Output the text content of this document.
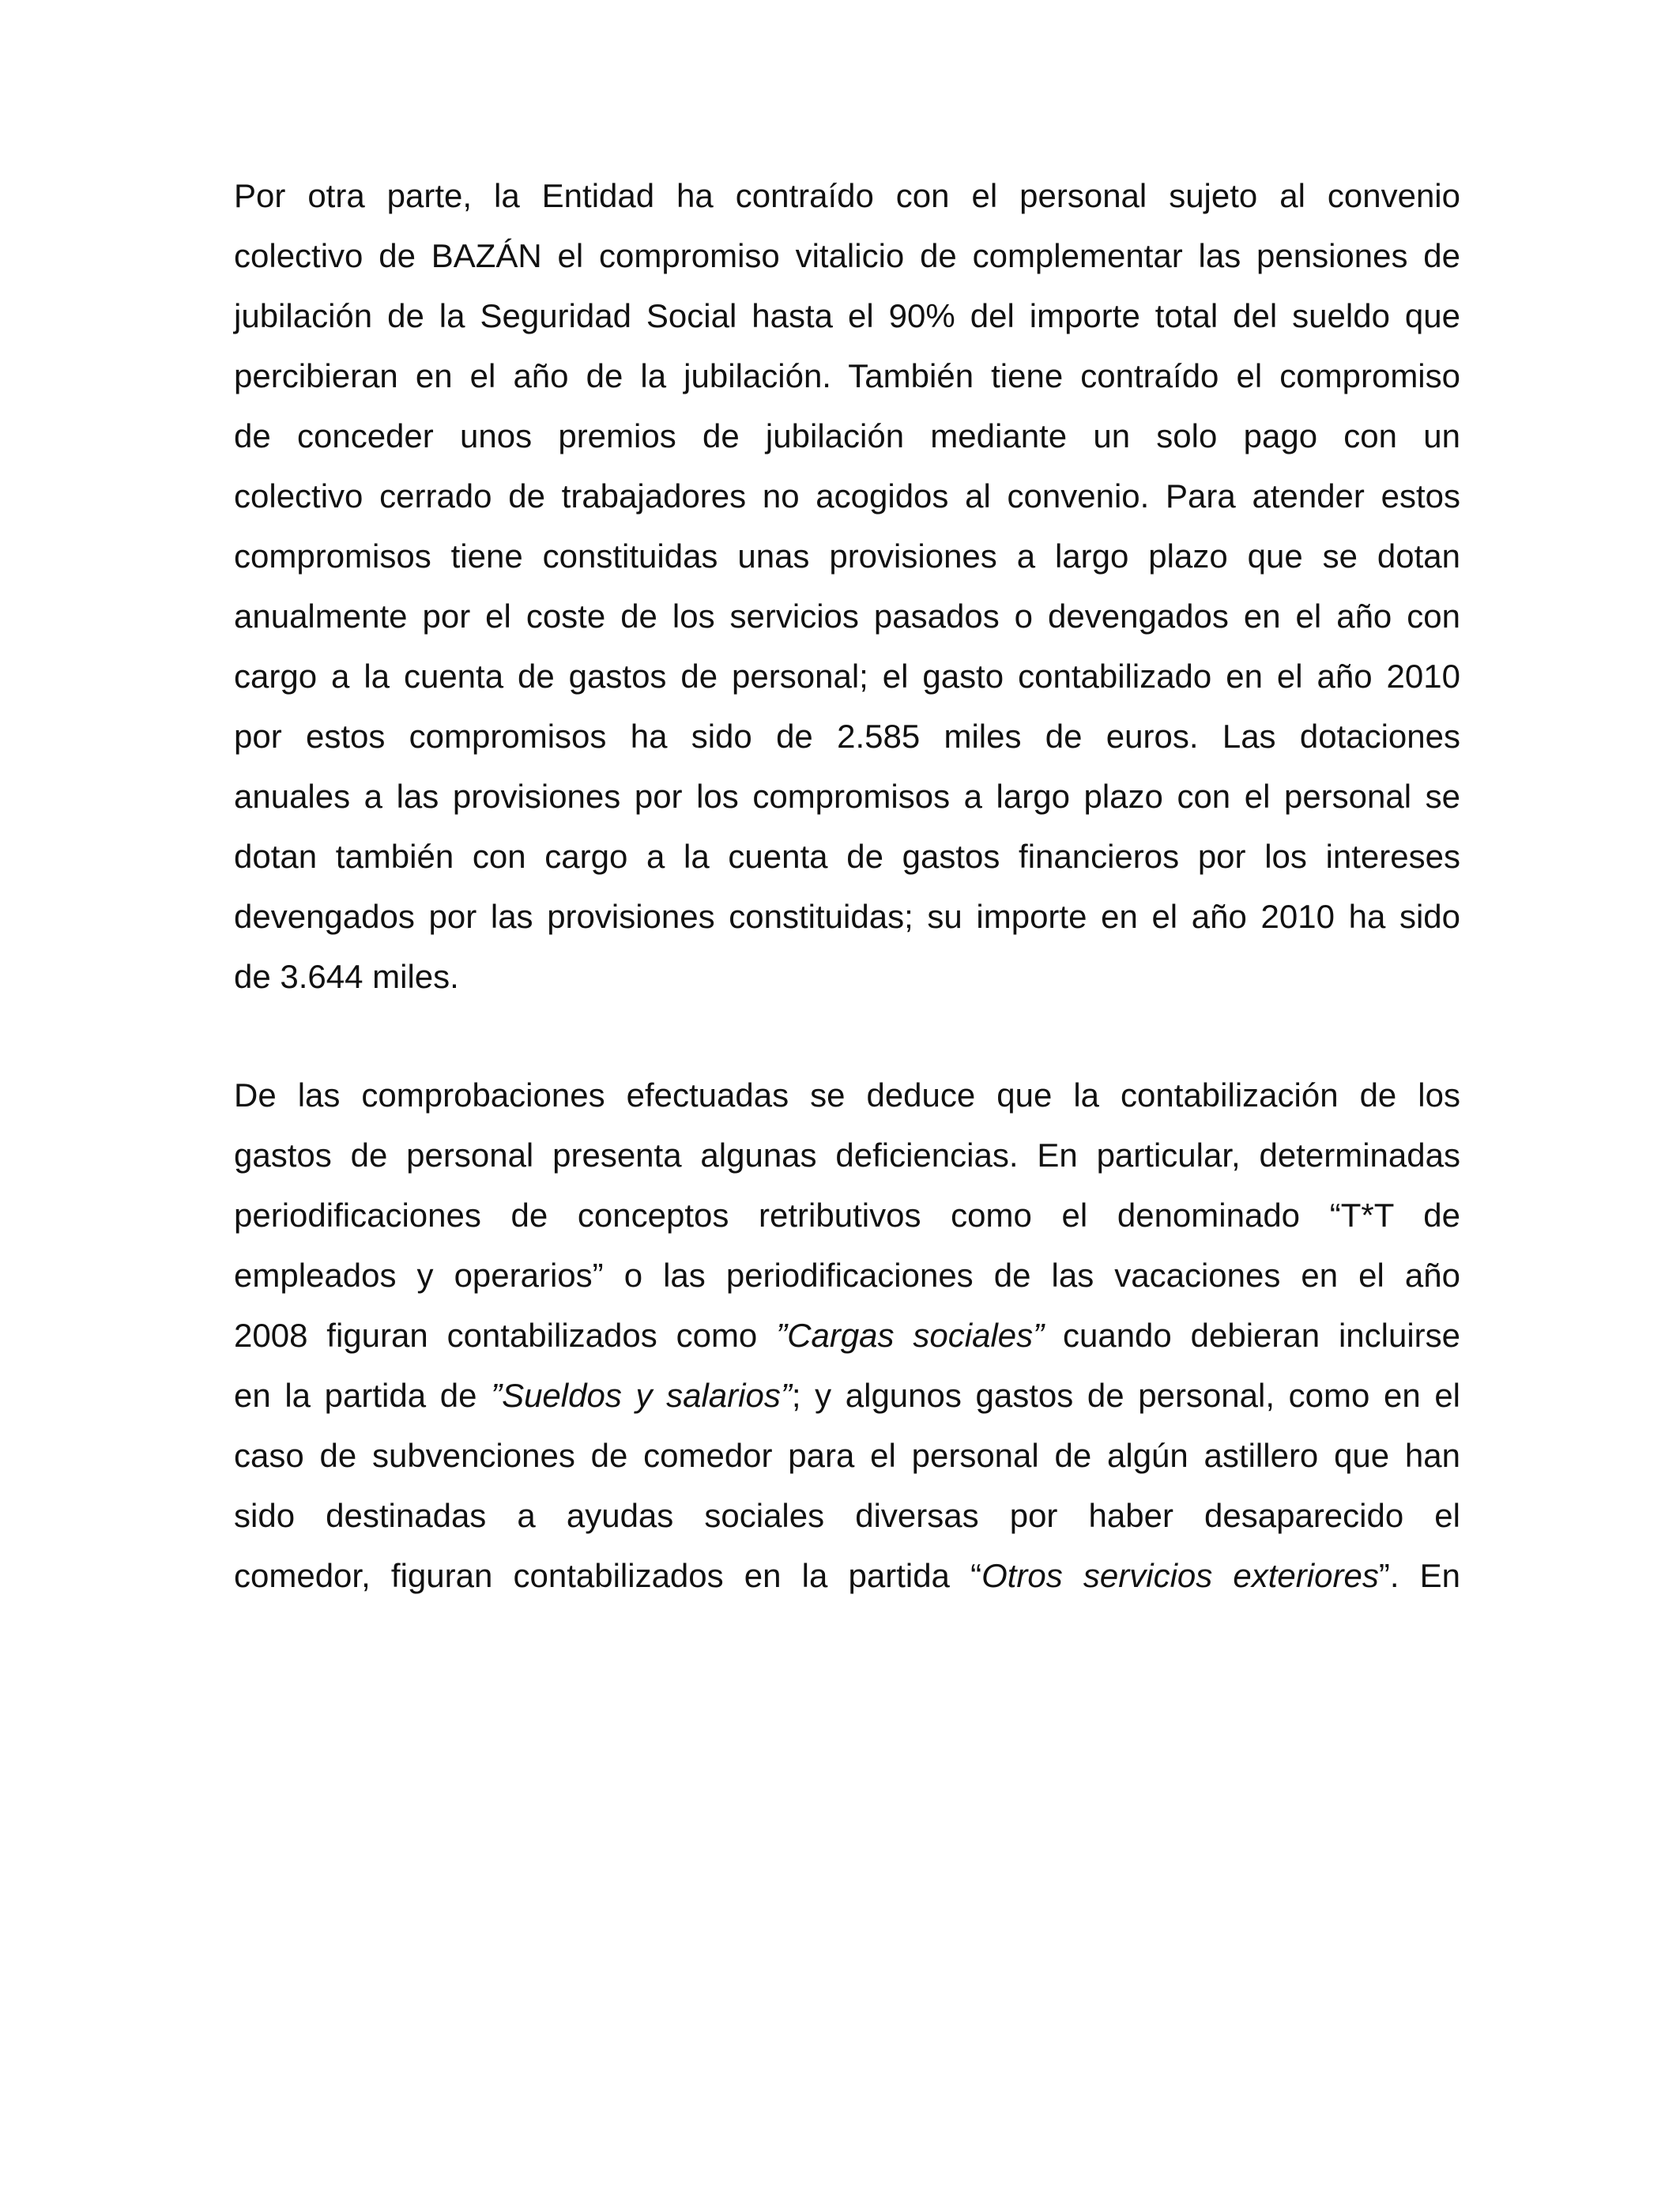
Por otra parte, la Entidad ha contraído con el personal sujeto al convenio
colectivo de BAZÁN el compromiso vitalicio de complementar las pensiones de
jubilación de la Seguridad Social hasta el 90% del importe total del sueldo que
percibieran en el año de la jubilación. También tiene contraído el compromiso
de conceder unos premios de jubilación mediante un solo pago con un
colectivo cerrado de trabajadores no acogidos al convenio. Para atender estos
compromisos tiene constituidas unas provisiones a largo plazo que se dotan
anualmente por el coste de los servicios pasados o devengados en el año con
cargo a la cuenta de gastos de personal; el gasto contabilizado en el año 2010
por estos compromisos ha sido de 2.585 miles de euros. Las dotaciones
anuales a las provisiones por los compromisos a largo plazo con el personal se
dotan también con cargo a la cuenta de gastos financieros por los intereses
devengados por las provisiones constituidas; su importe en el año 2010 ha sido
de 3.644 miles.
De las comprobaciones efectuadas se deduce que la contabilización de los
gastos de personal presenta algunas deficiencias. En particular, determinadas
periodificaciones de conceptos retributivos como el denominado “T*T de
empleados y operarios” o las periodificaciones de las vacaciones en el año
2008 figuran contabilizados como ”Cargas sociales” cuando debieran incluirse
en la partida de ”Sueldos y salarios”; y algunos gastos de personal, como en el
caso de subvenciones de comedor para el personal de algún astillero que han
sido destinadas a ayudas sociales diversas por haber desaparecido el
comedor, figuran contabilizados en la partida “Otros servicios exteriores”. En
